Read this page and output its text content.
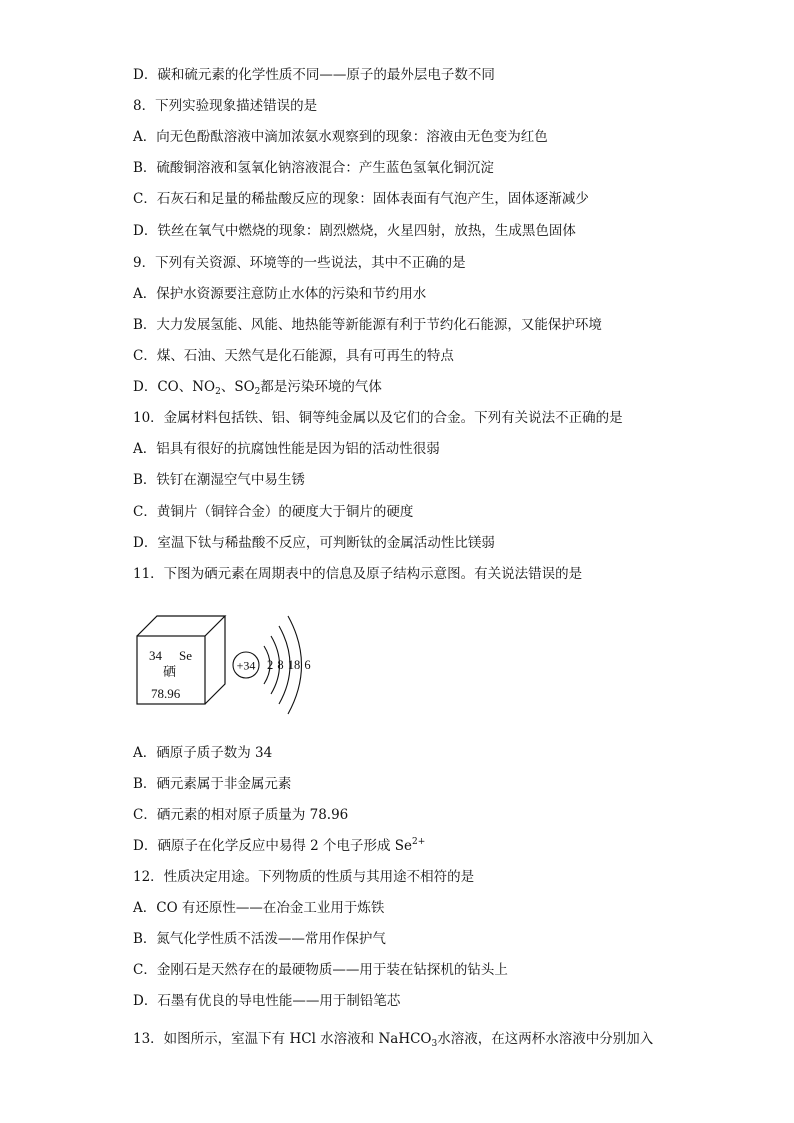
D．碳和硫元素的化学性质不同——原子的最外层电子数不同
8．下列实验现象描述错误的是
A．向无色酚酞溶液中滴加浓氨水观察到的现象：溶液由无色变为红色
B．硫酸铜溶液和氢氧化钠溶液混合：产生蓝色氢氧化铜沉淀
C．石灰石和足量的稀盐酸反应的现象：固体表面有气泡产生，固体逐渐减少
D．铁丝在氧气中燃烧的现象：剧烈燃烧，火星四射，放热，生成黑色固体
9．下列有关资源、环境等的一些说法，其中不正确的是
A．保护水资源要注意防止水体的污染和节约用水
B．大力发展氢能、风能、地热能等新能源有利于节约化石能源，又能保护环境
C．煤、石油、天然气是化石能源，具有可再生的特点
D．CO、$NO_2$、$SO_2$都是污染环境的气体
10．金属材料包括铁、铝、铜等纯金属以及它们的合金。下列有关说法不正确的是
A．铝具有很好的抗腐蚀性能是因为铝的活动性很弱
B．铁钉在潮湿空气中易生锈
C．黄铜片（铜锌合金）的硬度大于铜片的硬度
D．室温下钛与稀盐酸不反应，可判断钛的金属活动性比镁弱
11．下图为硒元素在周期表中的信息及原子结构示意图。有关说法错误的是
34 Se
硒
78.96
+34 2 8 18 6
A．硒原子质子数为 34
B．硒元素属于非金属元素
C．硒元素的相对原子质量为 78.96
D．硒原子在化学反应中易得 2 个电子形成 $Se^{2+}$
12．性质决定用途。下列物质的性质与其用途不相符的是
A．CO 有还原性——在冶金工业用于炼铁
B．氮气化学性质不活泼——常用作保护气
C．金刚石是天然存在的最硬物质——用于装在钻探机的钻头上
D．石墨有优良的导电性能——用于制铅笔芯
13．如图所示，室温下有 HCl 水溶液和 NaHCO$_3$水溶液，在这两杯水溶液中分别加入
